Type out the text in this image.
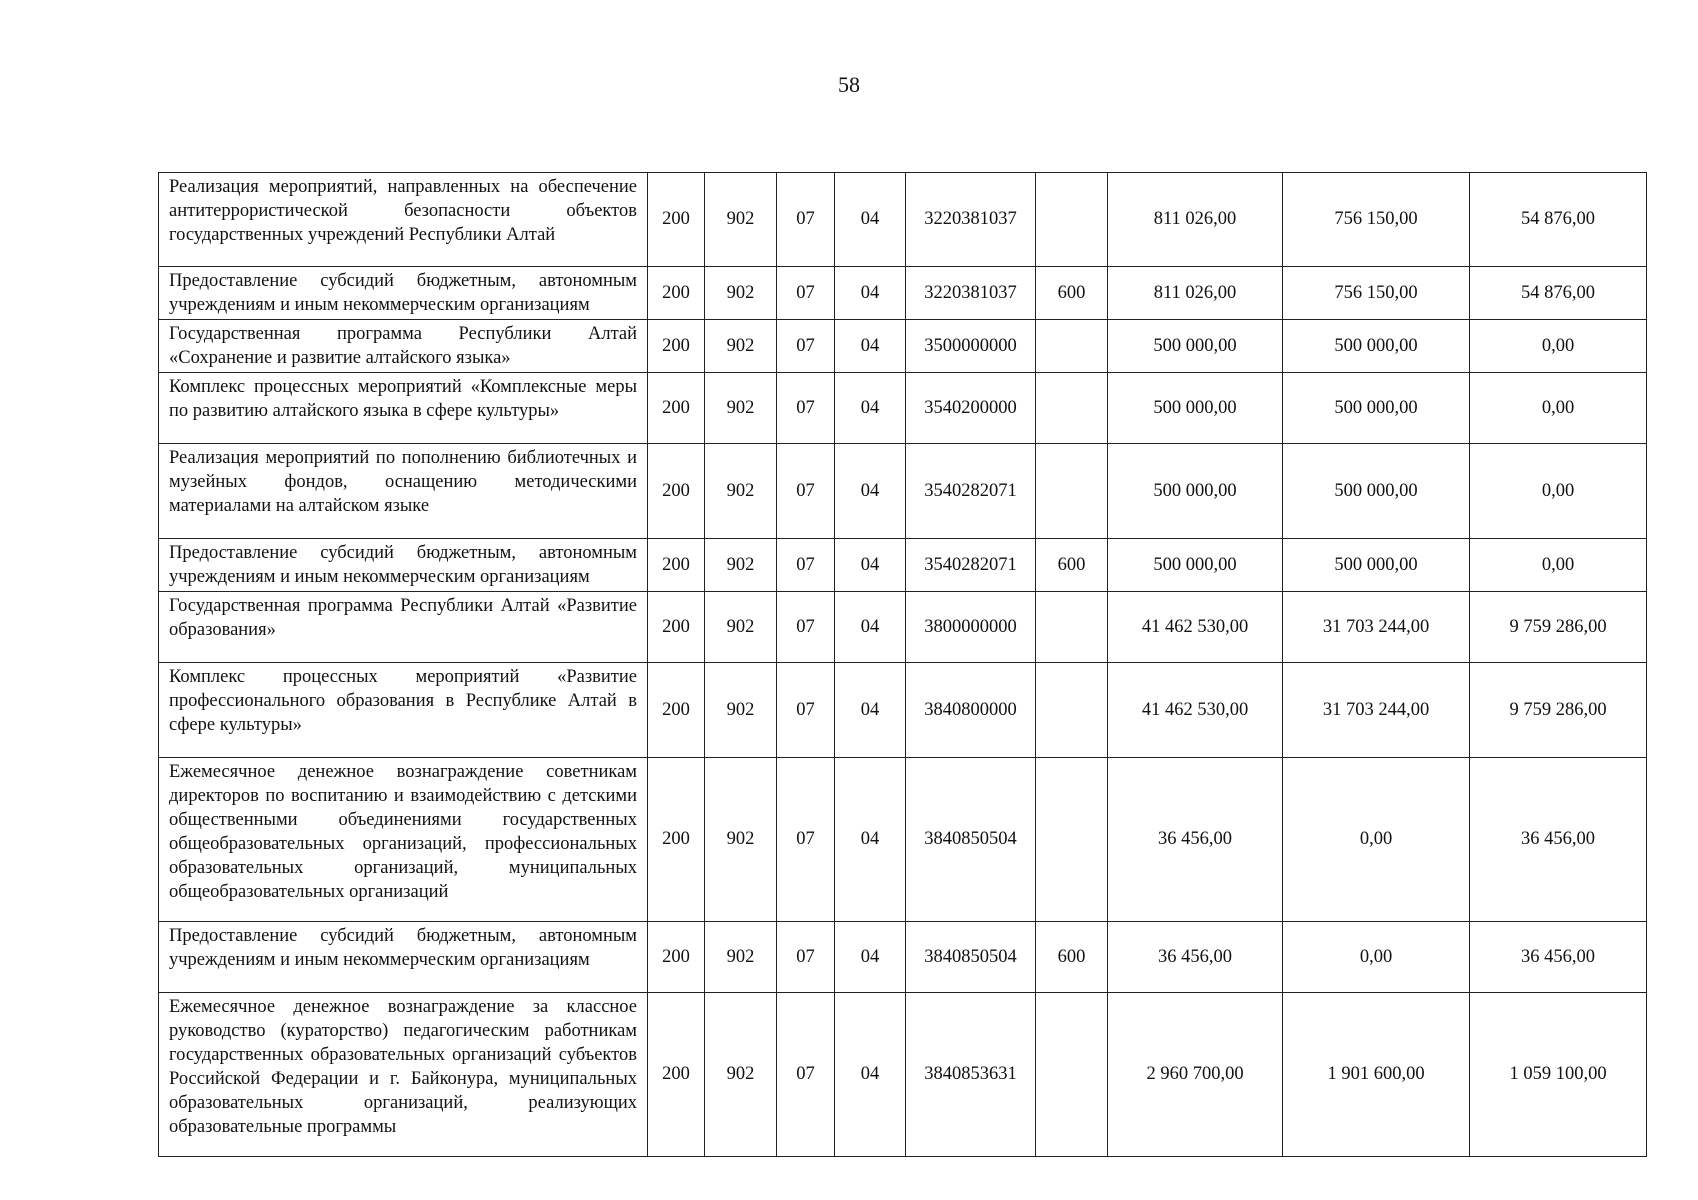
58
Реализация мероприятий, направленных на обеспечение антитеррористической безопасности объектов государственных учреждений Республики Алтай	200	902	07	04	3220381037		811 026,00	756 150,00	54 876,00
Предоставление субсидий бюджетным, автономным учреждениям и иным некоммерческим организациям	200	902	07	04	3220381037	600	811 026,00	756 150,00	54 876,00
Государственная программа Республики Алтай «Сохранение и развитие алтайского языка»	200	902	07	04	3500000000		500 000,00	500 000,00	0,00
Комплекс процессных мероприятий «Комплексные меры по развитию алтайского языка в сфере культуры»	200	902	07	04	3540200000		500 000,00	500 000,00	0,00
Реализация мероприятий по пополнению библиотечных и музейных фондов, оснащению методическими материалами на алтайском языке	200	902	07	04	3540282071		500 000,00	500 000,00	0,00
Предоставление субсидий бюджетным, автономным учреждениям и иным некоммерческим организациям	200	902	07	04	3540282071	600	500 000,00	500 000,00	0,00
Государственная программа Республики Алтай «Развитие образования»	200	902	07	04	3800000000		41 462 530,00	31 703 244,00	9 759 286,00
Комплекс процессных мероприятий «Развитие профессионального образования в Республике Алтай в сфере культуры»	200	902	07	04	3840800000		41 462 530,00	31 703 244,00	9 759 286,00
Ежемесячное денежное вознаграждение советникам директоров по воспитанию и взаимодействию с детскими общественными объединениями государственных общеобразовательных организаций, профессиональных образовательных организаций, муниципальных общеобразовательных организаций	200	902	07	04	3840850504		36 456,00	0,00	36 456,00
Предоставление субсидий бюджетным, автономным учреждениям и иным некоммерческим организациям	200	902	07	04	3840850504	600	36 456,00	0,00	36 456,00
Ежемесячное денежное вознаграждение за классное руководство (кураторство) педагогическим работникам государственных образовательных организаций субъектов Российской Федерации и г. Байконура, муниципальных образовательных организаций, реализующих образовательные программы	200	902	07	04	3840853631		2 960 700,00	1 901 600,00	1 059 100,00
